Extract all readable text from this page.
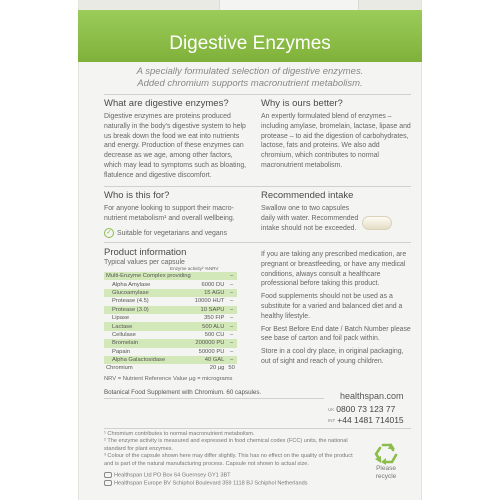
Digestive Enzymes
A specially formulated selection of digestive enzymes.
Added chromium supports macronutrient metabolism.
What are digestive enzymes?
Digestive enzymes are proteins produced naturally in the body's digestive system to help us break down the food we eat into nutrients and energy. Production of these enzymes can decrease as we age, among other factors, which may lead to symptoms such as bloating, flatulence and digestive discomfort.
Why is ours better?
An expertly formulated blend of enzymes – including amylase, bromelain, lactase, lipase and protease – to aid the digestion of carbohydrates, lactose, fats and proteins. We also add chromium, which contributes to normal macronutrient metabolism.
Who is this for?
For anyone looking to support their macro-nutrient metabolism¹ and overall wellbeing.
✓ Suitable for vegetarians and vegans
Recommended intake
Swallow one to two capsules daily with water. Recommended intake should not be exceeded.
Product information
Typical values per capsule
Enzyme activity² %NRV
Multi-Enzyme Complex providing		–
Alpha Amylase	6000 DU	–
Glucoamylase	15 AGU	–
Protease (4.5)	10000 HUT	–
Protease (3.0)	10 SAPU	–
Lipase	350 FIP	–
Lactase	500 ALU	–
Cellulase	500 CU	–
Bromelain	200000 PU	–
Papain	50000 PU	–
Alpha Galactosidase	40 GAL	–
Chromium	20 µg	50
NRV = Nutrient Reference Value µg = micrograms
Botanical Food Supplement with Chromium. 60 capsules.
If you are taking any prescribed medication, are pregnant or breastfeeding, or have any medical conditions, always consult a healthcare professional before taking this product.
Food supplements should not be used as a substitute for a varied and balanced diet and a healthy lifestyle.
For Best Before End date / Batch Number please see base of carton and foil pack within.
Store in a cool dry place, in original packaging, out of sight and reach of young children.
healthspan.com
UK 0800 73 123 77
INT +44 1481 714015
¹ Chromium contributes to normal macronutrient metabolism.
² The enzyme activity is measured and expressed in food chemical codex (FCC) units, the national standard for plant enzymes.
³ Colour of the capsule shown here may differ slightly. This has no effect on the quality of the product and is part of the natural manufacturing process. Capsule not shown to actual size.
Healthspan Ltd PO Box 64 Guernsey GY1 3BT
Healthspan Europe BV Schiphol Boulevard 359 1118 BJ Schiphol Netherlands
Please
recycle
